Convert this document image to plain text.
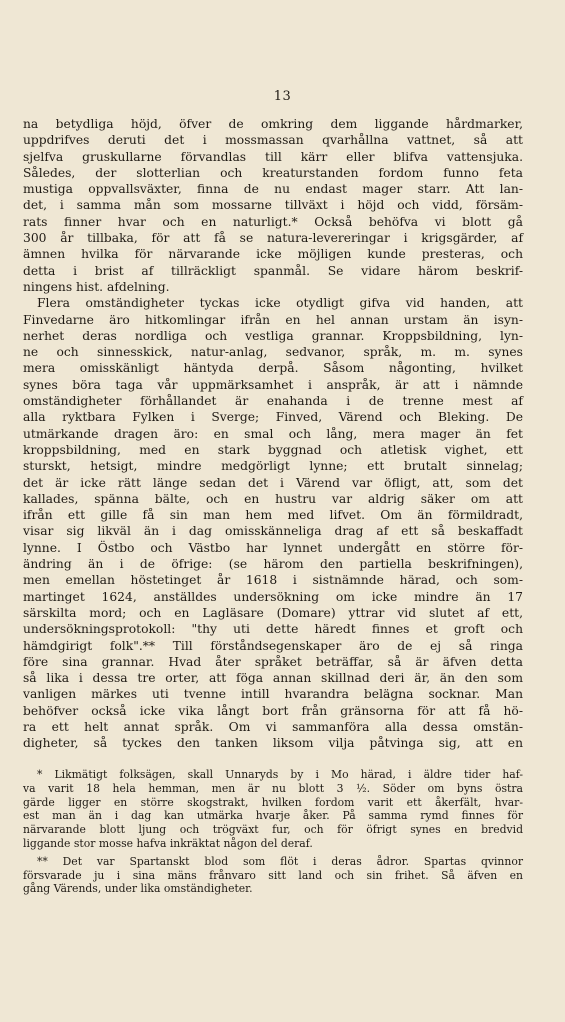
13
na betydliga höjd, öfver de omkring dem liggande hårdmarker,
uppdrifves deruti det i mossmassan qvarhållna vattnet, så att
sjelfva gruskullarne förvandlas till kärr eller blifva vattensjuka.
Således, der slotterlian och kreaturstanden fordom funno feta
mustiga oppvallsväxter, finna de nu endast mager starr. Att lan-
det, i samma mån som mossarne tillväxt i höjd och vidd, försäm-
rats finner hvar och en naturligt.* Också behöfva vi blott gå
300 år tillbaka, för att få se natura-levereringar i krigsgärder, af
ämnen hvilka för närvarande icke möjligen kunde presteras, och
detta i brist af tillräckligt spanmål. Se vidare härom beskrif-
ningens hist. afdelning.
Flera omständigheter tyckas icke otydligt gifva vid handen, att
Finvedarne äro hitkomlingar ifrån en hel annan urstam än isyn-
nerhet deras nordliga och vestliga grannar. Kroppsbildning, lyn-
ne och sinnesskick, natur-anlag, sedvanor, språk, m. m. synes
mera omisskänligt häntyda derpå. Såsom någonting, hvilket
synes böra taga vår uppmärksamhet i anspråk, är att i nämnde
omständigheter förhållandet är enahanda i de trenne mest af
alla ryktbara Fylken i Sverge; Finved, Värend och Bleking. De
utmärkande dragen äro: en smal och lång, mera mager än fet
kroppsbildning, med en stark byggnad och atletisk vighet, ett
sturskt, hetsigt, mindre medgörligt lynne; ett brutalt sinnelag;
det är icke rätt länge sedan det i Värend var öfligt, att, som det
kallades, spänna bälte, och en hustru var aldrig säker om att
ifrån ett gille få sin man hem med lifvet. Om än förmildradt,
visar sig likväl än i dag omisskänneliga drag af ett så beskaffadt
lynne. I Östbo och Västbo har lynnet undergått en större för-
ändring än i de öfrige: (se härom den partiella beskrifningen),
men emellan höstetinget år 1618 i sistnämnde härad, och som-
martinget 1624, anställdes undersökning om icke mindre än 17
särskilta mord; och en Lagläsare (Domare) yttrar vid slutet af ett,
undersökningsprotokoll: "thy uti dette häredt finnes et groft och
hämdgirigt folk".** Till förståndsegenskaper äro de ej så ringa
före sina grannar. Hvad åter språket beträffar, så är äfven detta
så lika i dessa tre orter, att föga annan skillnad deri är, än den som
vanligen märkes uti tvenne intill hvarandra belägna socknar. Man
behöfver också icke vika långt bort från gränsorna för att få hö-
ra ett helt annat språk. Om vi sammanföra alla dessa omstän-
digheter, så tyckes den tanken liksom vilja påtvinga sig, att en
* Likmätigt folksägen, skall Unnaryds by i Mo härad, i äldre tider haf-
va varit 18 hela hemman, men är nu blott 3 ½. Söder om byns östra
gärde ligger en större skogstrakt, hvilken fordom varit ett åkerfält, hvar-
est man än i dag kan utmärka hvarje åker. På samma rymd finnes för
närvarande blott ljung och trögväxt fur, och för öfrigt synes en bredvid
liggande stor mosse hafva inkräktat någon del deraf.
** Det var Spartanskt blod som flöt i deras ådror. Spartas qvinnor
försvarade ju i sina mäns frånvaro sitt land och sin frihet. Så äfven en
gång Värends, under lika omständigheter.
